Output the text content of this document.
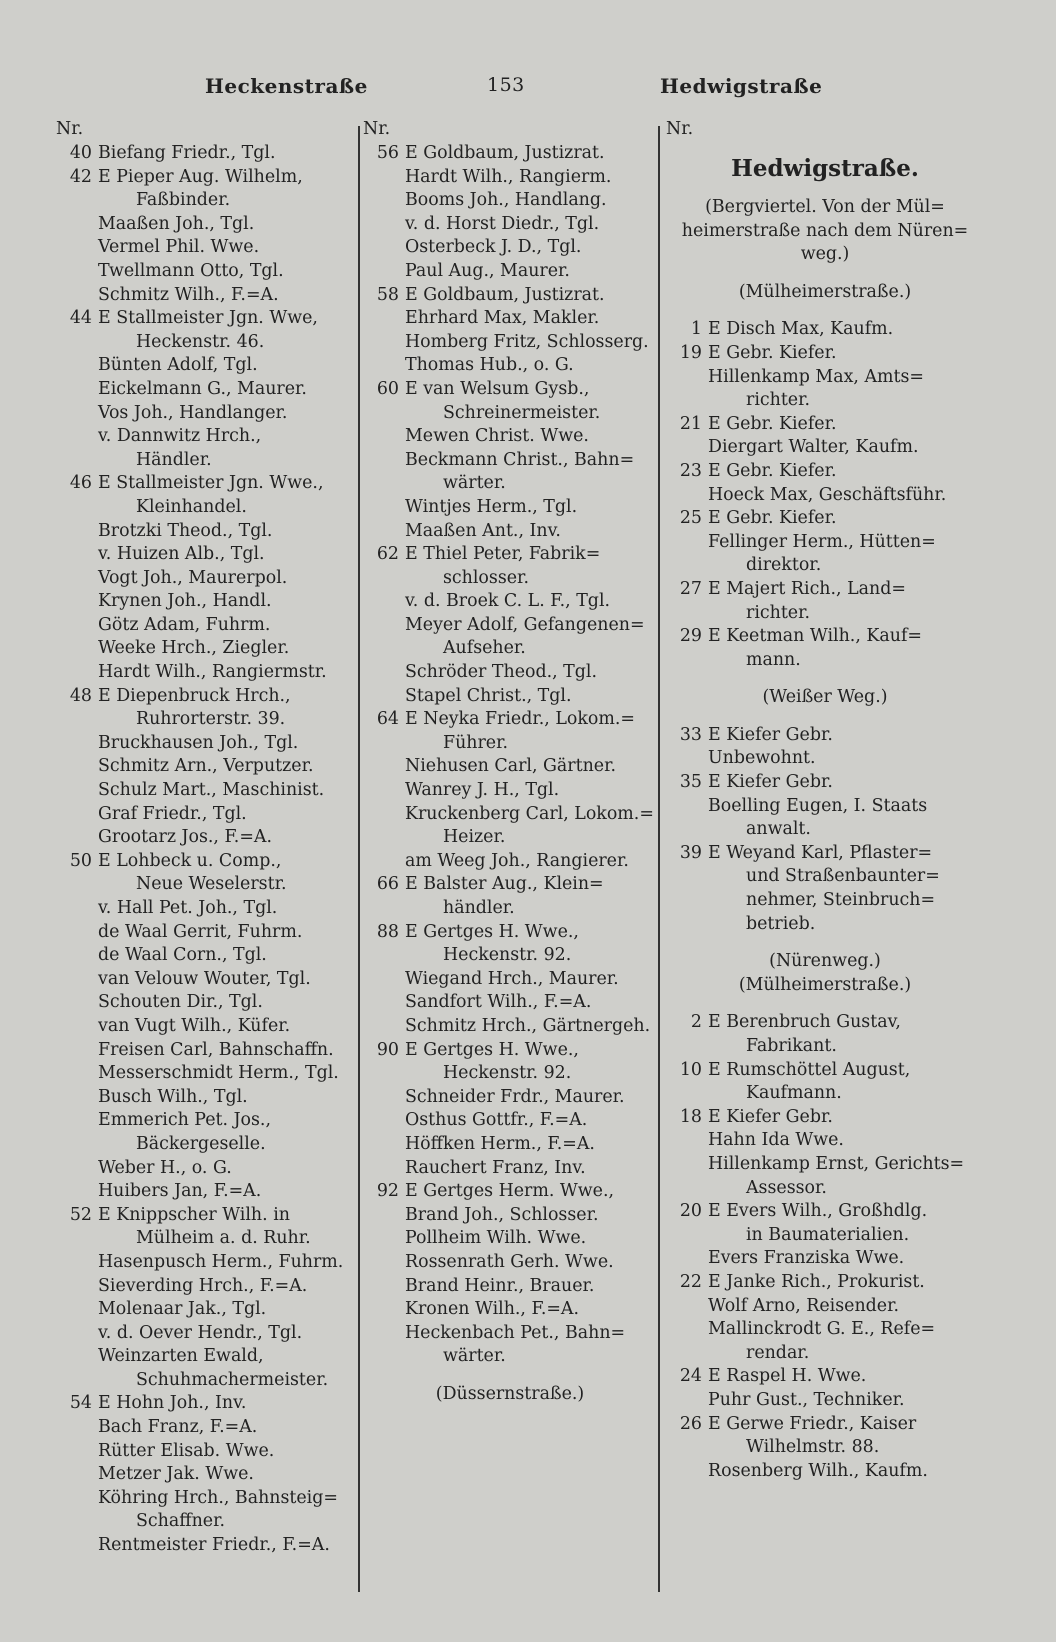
Heckenstraße	153	Hedwigstraße
Nr.
40 Biefang Friedr., Tgl.
42 E Pieper Aug. Wilhelm,
Faßbinder.
Maaßen Joh., Tgl.
Vermel Phil. Wwe.
Twellmann Otto, Tgl.
Schmitz Wilh., F.=A.
44 E Stallmeister Jgn. Wwe,
Heckenstr. 46.
Bünten Adolf, Tgl.
Eickelmann G., Maurer.
Vos Joh., Handlanger.
v. Dannwitz Hrch.,
Händler.
46 E Stallmeister Jgn. Wwe.,
Kleinhandel.
Brotzki Theod., Tgl.
v. Huizen Alb., Tgl.
Vogt Joh., Maurerpol.
Krynen Joh., Handl.
Götz Adam, Fuhrm.
Weeke Hrch., Ziegler.
Hardt Wilh., Rangiermstr.
48 E Diepenbruck Hrch.,
Ruhrorterstr. 39.
Bruckhausen Joh., Tgl.
Schmitz Arn., Verputzer.
Schulz Mart., Maschinist.
Graf Friedr., Tgl.
Grootarz Jos., F.=A.
50 E Lohbeck u. Comp.,
Neue Weselerstr.
v. Hall Pet. Joh., Tgl.
de Waal Gerrit, Fuhrm.
de Waal Corn., Tgl.
van Velouw Wouter, Tgl.
Schouten Dir., Tgl.
van Vugt Wilh., Küfer.
Freisen Carl, Bahnschaffn.
Messerschmidt Herm., Tgl.
Busch Wilh., Tgl.
Emmerich Pet. Jos.,
Bäckergeselle.
Weber H., o. G.
Huibers Jan, F.=A.
52 E Knippscher Wilh. in
Mülheim a. d. Ruhr.
Hasenpusch Herm., Fuhrm.
Sieverding Hrch., F.=A.
Molenaar Jak., Tgl.
v. d. Oever Hendr., Tgl.
Weinzarten Ewald,
Schuhmachermeister.
54 E Hohn Joh., Inv.
Bach Franz, F.=A.
Rütter Elisab. Wwe.
Metzer Jak. Wwe.
Köhring Hrch., Bahnsteig=
Schaffner.
Rentmeister Friedr., F.=A.
Nr.
56 E Goldbaum, Justizrat.
Hardt Wilh., Rangierm.
Booms Joh., Handlang.
v. d. Horst Diedr., Tgl.
Osterbeck J. D., Tgl.
Paul Aug., Maurer.
58 E Goldbaum, Justizrat.
Ehrhard Max, Makler.
Homberg Fritz, Schlosserg.
Thomas Hub., o. G.
60 E van Welsum Gysb.,
Schreinermeister.
Mewen Christ. Wwe.
Beckmann Christ., Bahn=
wärter.
Wintjes Herm., Tgl.
Maaßen Ant., Inv.
62 E Thiel Peter, Fabrik=
schlosser.
v. d. Broek C. L. F., Tgl.
Meyer Adolf, Gefangenen=
Aufseher.
Schröder Theod., Tgl.
Stapel Christ., Tgl.
64 E Neyka Friedr., Lokom.=
Führer.
Niehusen Carl, Gärtner.
Wanrey J. H., Tgl.
Kruckenberg Carl, Lokom.=
Heizer.
am Weeg Joh., Rangierer.
66 E Balster Aug., Klein=
händler.
88 E Gertges H. Wwe.,
Heckenstr. 92.
Wiegand Hrch., Maurer.
Sandfort Wilh., F.=A.
Schmitz Hrch., Gärtnergeh.
90 E Gertges H. Wwe.,
Heckenstr. 92.
Schneider Frdr., Maurer.
Osthus Gottfr., F.=A.
Höffken Herm., F.=A.
Rauchert Franz, Inv.
92 E Gertges Herm. Wwe.,
Brand Joh., Schlosser.
Pollheim Wilh. Wwe.
Rossenrath Gerh. Wwe.
Brand Heinr., Brauer.
Kronen Wilh., F.=A.
Heckenbach Pet., Bahn=
wärter.
(Düssernstraße.)
Nr.
Hedwigstraße.
(Bergviertel. Von der Mül=
heimerstraße nach dem Nüren=
weg.)
(Mülheimerstraße.)
1 E Disch Max, Kaufm.
19 E Gebr. Kiefer.
Hillenkamp Max, Amts=
richter.
21 E Gebr. Kiefer.
Diergart Walter, Kaufm.
23 E Gebr. Kiefer.
Hoeck Max, Geschäftsführ.
25 E Gebr. Kiefer.
Fellinger Herm., Hütten=
direktor.
27 E Majert Rich., Land=
richter.
29 E Keetman Wilh., Kauf=
mann.
(Weißer Weg.)
33 E Kiefer Gebr.
Unbewohnt.
35 E Kiefer Gebr.
Boelling Eugen, I. Staats
anwalt.
39 E Weyand Karl, Pflaster=
und Straßenbaunter=
nehmer, Steinbruch=
betrieb.
(Nürenweg.)
(Mülheimerstraße.)
2 E Berenbruch Gustav,
Fabrikant.
10 E Rumschöttel August,
Kaufmann.
18 E Kiefer Gebr.
Hahn Ida Wwe.
Hillenkamp Ernst, Gerichts=
Assessor.
20 E Evers Wilh., Großhdlg.
in Baumaterialien.
Evers Franziska Wwe.
22 E Janke Rich., Prokurist.
Wolf Arno, Reisender.
Mallinckrodt G. E., Refe=
rendar.
24 E Raspel H. Wwe.
Puhr Gust., Techniker.
26 E Gerwe Friedr., Kaiser
Wilhelmstr. 88.
Rosenberg Wilh., Kaufm.
